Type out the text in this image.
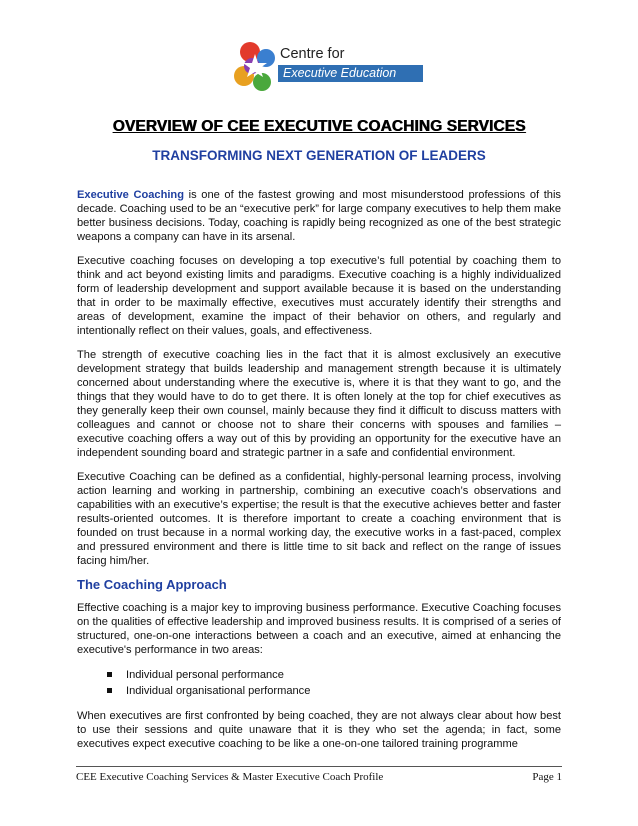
Centre for
Executive Education
OVERVIEW OF CEE EXECUTIVE COACHING SERVICES
TRANSFORMING NEXT GENERATION OF LEADERS

Executive Coaching is one of the fastest growing and most misunderstood professions of this decade. Coaching used to be an “executive perk” for large company executives to help them make better business decisions. Today, coaching is rapidly being recognized as one of the best strategic weapons a company can have in its arsenal.

Executive coaching focuses on developing a top executive’s full potential by coaching them to think and act beyond existing limits and paradigms. Executive coaching is a highly individualized form of leadership development and support available because it is based on the understanding that in order to be maximally effective, executives must accurately identify their strengths and areas of development, examine the impact of their behavior on others, and regularly and intentionally reflect on their values, goals, and effectiveness.

The strength of executive coaching lies in the fact that it is almost exclusively an executive development strategy that builds leadership and management strength because it is ultimately concerned about understanding where the executive is, where it is that they want to go, and the things that they would have to do to get there. It is often lonely at the top for chief executives as they generally keep their own counsel, mainly because they find it difficult to discuss matters with colleagues and cannot or choose not to share their concerns with spouses and families – executive coaching offers a way out of this by providing an opportunity for the executive have an independent sounding board and strategic partner in a safe and confidential environment.

Executive Coaching can be defined as a confidential, highly-personal learning process, involving action learning and working in partnership, combining an executive coach’s observations and capabilities with an executive’s expertise; the result is that the executive achieves better and faster results-oriented outcomes. It is therefore important to create a coaching environment that is founded on trust because in a normal working day, the executive works in a fast-paced, complex and pressured environment and there is little time to sit back and reflect on the range of issues facing him/her.

The Coaching Approach

Effective coaching is a major key to improving business performance. Executive Coaching focuses on the qualities of effective leadership and improved business results. It is comprised of a series of structured, one-on-one interactions between a coach and an executive, aimed at enhancing the executive's performance in two areas:

Individual personal performance
Individual organisational performance

When executives are first confronted by being coached, they are not always clear about how best to use their sessions and quite unaware that it is they who set the agenda; in fact, some executives expect executive coaching to be like a one-on-one tailored training programme

CEE Executive Coaching Services & Master Executive Coach Profile	Page 1
